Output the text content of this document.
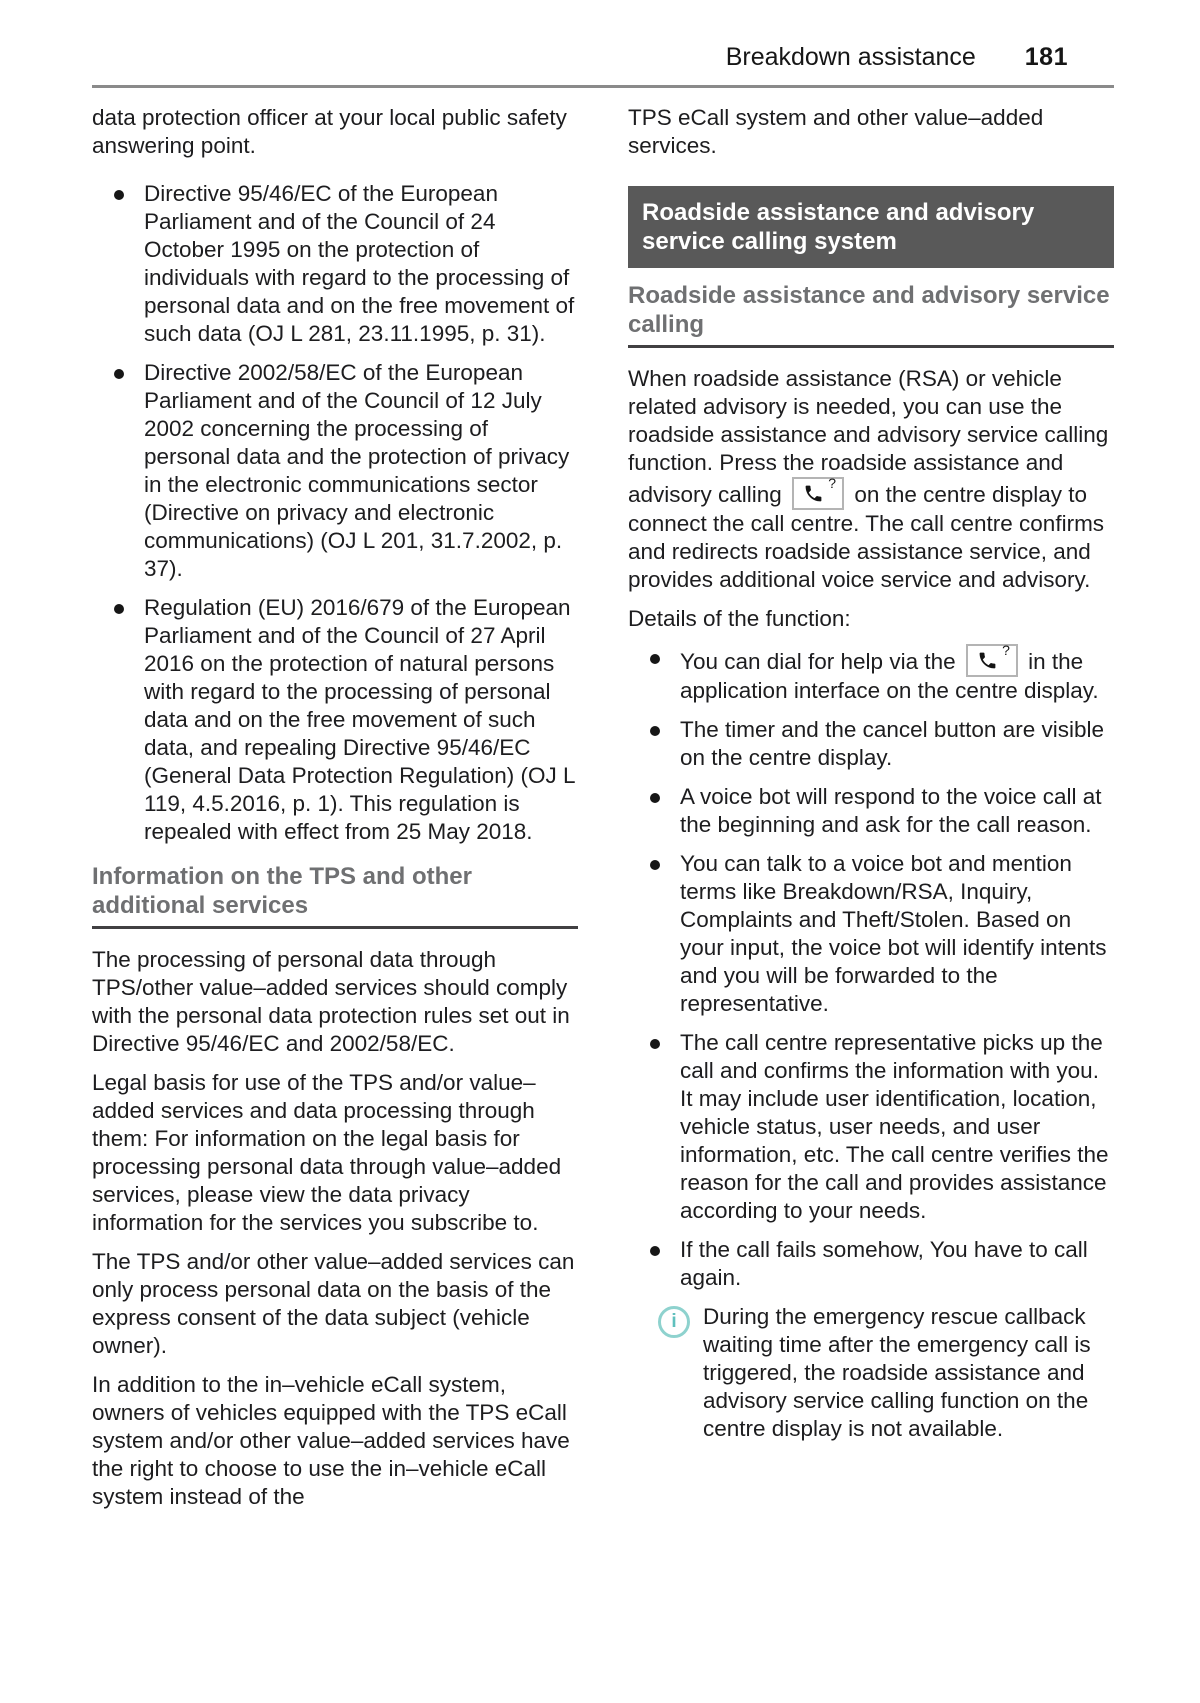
Breakdown assistance 181

data protection officer at your local public safety answering point.

Directive 95/46/EC of the European Parliament and of the Council of 24 October 1995 on the protection of individuals with regard to the processing of personal data and on the free movement of such data (OJ L 281, 23.11.1995, p. 31).
Directive 2002/58/EC of the European Parliament and of the Council of 12 July 2002 concerning the processing of personal data and the protection of privacy in the electronic communications sector (Directive on privacy and electronic communications) (OJ L 201, 31.7.2002, p. 37).
Regulation (EU) 2016/679 of the European Parliament and of the Council of 27 April 2016 on the protection of natural persons with regard to the processing of personal data and on the free movement of such data, and repealing Directive 95/46/EC (General Data Protection Regulation) (OJ L 119, 4.5.2016, p. 1). This regulation is repealed with effect from 25 May 2018.
Information on the TPS and other additional services

The processing of personal data through TPS/other value–added services should comply with the personal data protection rules set out in Directive 95/46/EC and 2002/58/EC.

Legal basis for use of the TPS and/or value–added services and data processing through them: For information on the legal basis for processing personal data through value–added services, please view the data privacy information for the services you subscribe to.

The TPS and/or other value–added services can only process personal data on the basis of the express consent of the data subject (vehicle owner).

In addition to the in–vehicle eCall system, owners of vehicles equipped with the TPS eCall system and/or other value–added services have the right to choose to use the in–vehicle eCall system instead of the

TPS eCall system and other value–added services.

Roadside assistance and advisory service calling system
Roadside assistance and advisory service calling

When roadside assistance (RSA) or vehicle related advisory is needed, you can use the roadside assistance and advisory service calling function. Press the roadside assistance and advisory calling	? on the centre display to connect the call centre. The call centre confirms and redirects roadside assistance service, and provides additional voice service and advisory.

Details of the function:

You can dial for help via the	? in the application interface on the centre display.
The timer and the cancel button are visible on the centre display.
A voice bot will respond to the voice call at the beginning and ask for the call reason.
You can talk to a voice bot and mention terms like Breakdown/RSA, Inquiry, Complaints and Theft/Stolen. Based on your input, the voice bot will identify intents and you will be forwarded to the representative.
The call centre representative picks up the call and confirms the information with you. It may include user identification, location, vehicle status, user needs, and user information, etc. The call centre verifies the reason for the call and provides assistance according to your needs.
If the call fails somehow, You have to call again.
i	During the emergency rescue callback waiting time after the emergency call is triggered, the roadside assistance and advisory service calling function on the centre display is not available.
